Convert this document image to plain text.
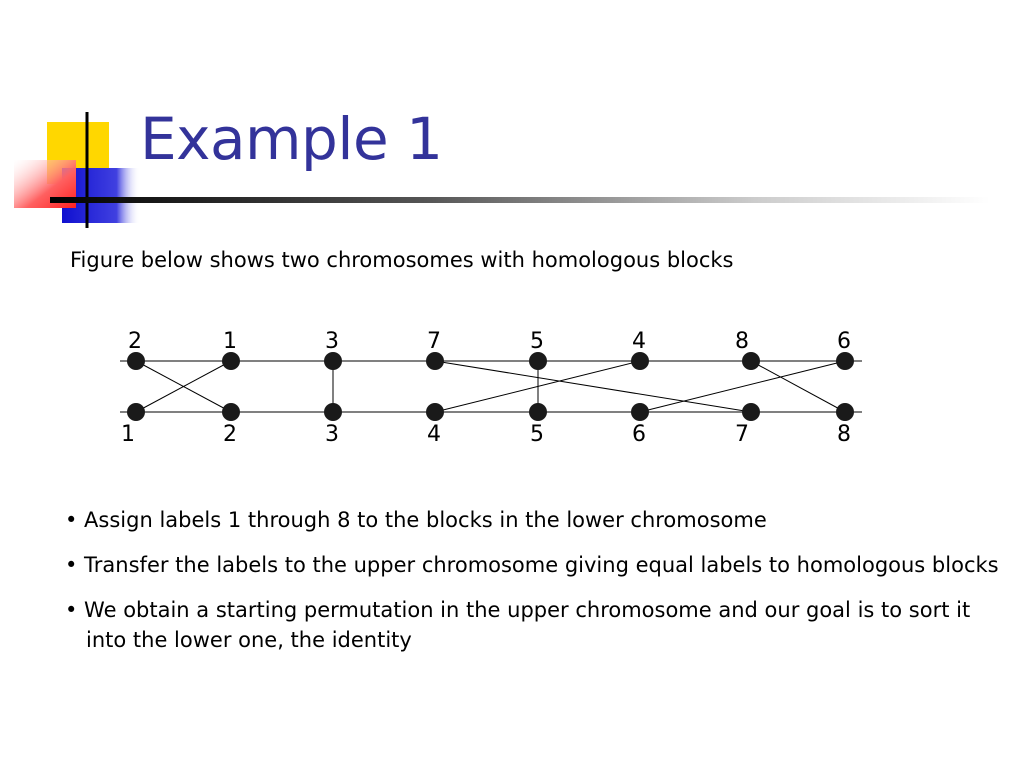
Example 1
Figure below shows two chromosomes with homologous blocks
2	1	3	7	5	4	8	6
1	2	3	4	5	6	7	8

• Assign labels 1 through 8 to the blocks in the lower chromosome

• Transfer the labels to the upper chromosome giving equal labels to homologous blocks

• We obtain a starting permutation in the upper chromosome and our goal is to sort it into the lower one, the identity
